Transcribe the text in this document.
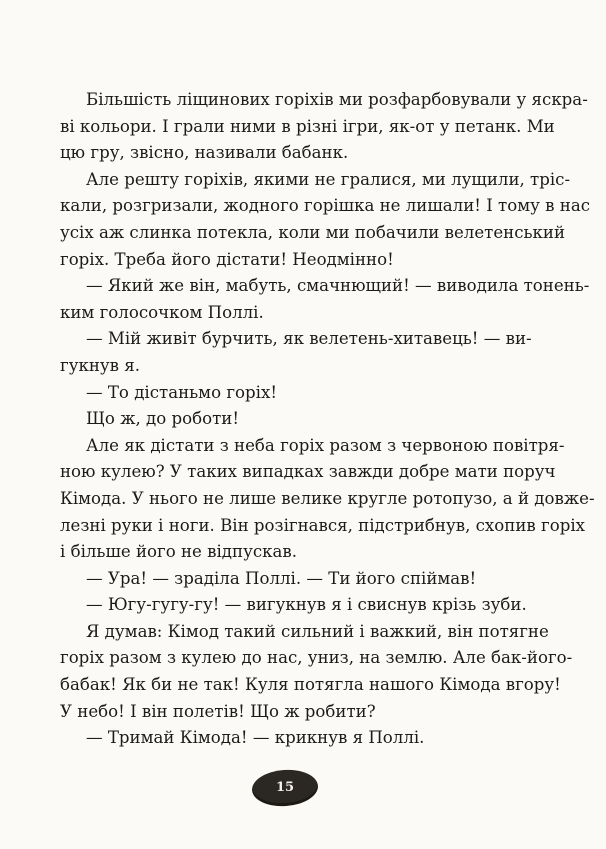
Більшість ліщинових горіхів ми розфарбовували у яскра-
ві кольори. І грали ними в різні ігри, як-от у петанк. Ми
цю гру, звісно, називали бабанк.
Але решту горіхів, якими не гралися, ми лущили, тріс-
кали, розгризали, жодного горішка не лишали! І тому в нас
усіх аж слинка потекла, коли ми побачили велетенський
горіх. Треба його дістати! Неодмінно!
— Який же він, мабуть, смачнющий! — виводила тонень-
ким голосочком Поллі.
— Мій живіт бурчить, як велетень-хитавець! — ви-
гукнув я.
— То дістаньмо горіх!
Що ж, до роботи!
Але як дістати з неба горіх разом з червоною повітря-
ною кулею? У таких випадках завжди добре мати поруч
Кімода. У нього не лише велике кругле ротопузо, а й довже-
лезні руки і ноги. Він розігнався, підстрибнув, схопив горіх
і більше його не відпускав.
— Ура! — зраділа Поллі. — Ти його спіймав!
— Югу-гугу-гу! — вигукнув я і свиснув крізь зуби.
Я думав: Кімод такий сильний і важкий, він потягне
горіх разом з кулею до нас, униз, на землю. Але бак-його-
бабак! Як би не так! Куля потягла нашого Кімода вгору!
У небо! І він полетів! Що ж робити?
— Тримай Кімода! — крикнув я Поллі.
15
